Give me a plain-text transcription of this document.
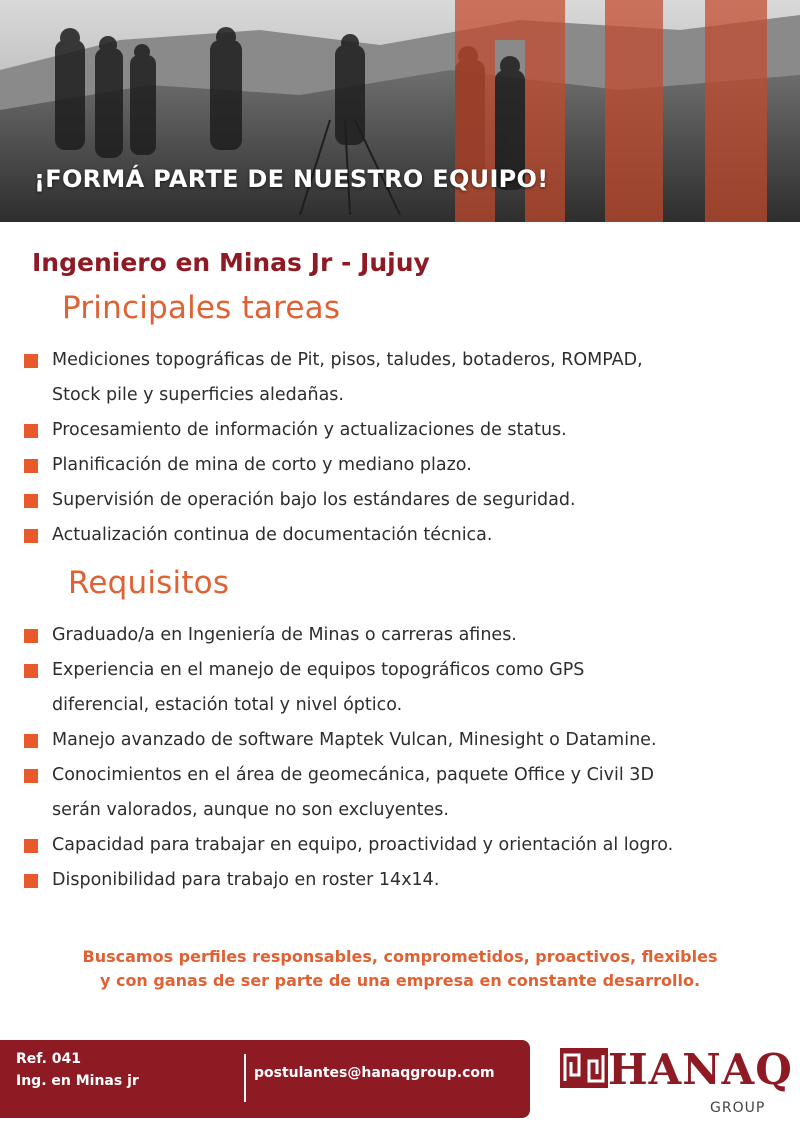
¡FORMÁ PARTE DE NUESTRO EQUIPO!
Ingeniero en Minas Jr - Jujuy
Principales tareas
Mediciones topográficas de Pit, pisos, taludes, botaderos, ROMPAD,
Stock pile y superficies aledañas.
Procesamiento de información y actualizaciones de status.
Planificación de mina de corto y mediano plazo.
Supervisión de operación bajo los estándares de seguridad.
Actualización continua de documentación técnica.
Requisitos
Graduado/a en Ingeniería de Minas o carreras afines.
Experiencia en el manejo de equipos topográficos como GPS
diferencial, estación total y nivel óptico.
Manejo avanzado de software Maptek Vulcan, Minesight o Datamine.
Conocimientos en el área de geomecánica, paquete Office y Civil 3D
serán valorados, aunque no son excluyentes.
Capacidad para trabajar en equipo, proactividad y orientación al logro.
Disponibilidad para trabajo en roster 14x14.
Buscamos perfiles responsables, comprometidos, proactivos, flexibles
y con ganas de ser parte de una empresa en constante desarrollo.
Ref. 041
Ing. en Minas jr	postulantes@hanaqgroup.com	HANAQ
GROUP
